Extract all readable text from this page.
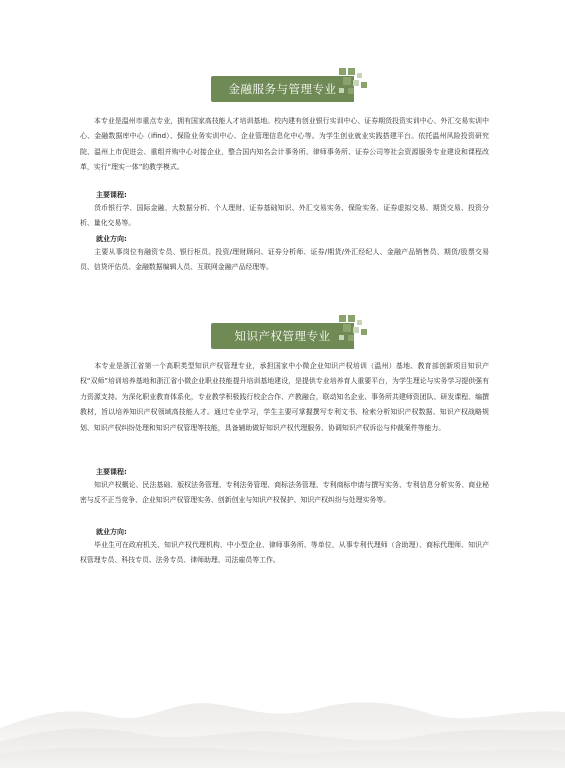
金融服务与管理专业
本专业是温州市重点专业，拥有国家高技能人才培训基地。校内建有创业银行实训中心、证券期货投资实训中心、外汇交易实训中心、金融数据库中心（ifind）、保险业务实训中心、企业管理信息化中心等。为学生创业就业实践搭建平台。依托温州风险投资研究院、温州上市促进会、重组并购中心对接企业，整合国内知名会计事务所、律师事务所、证券公司等社会资源服务专业建设和课程改革，实行“理实一体”的教学模式。
主要课程:
货币银行学、国际金融、大数据分析、个人理财、证券基础知识、外汇交易实务、保险实务、证券虚拟交易、期货交易、投资分析、量化交易等。
就业方向:
主要从事岗位有融资专员、银行柜员、投资/理财顾问、证券分析师、证券/期货/外汇经纪人、金融产品销售员、期货/股票交易员、信贷评估员、金融数据编辑人员、互联网金融产品经理等。
知识产权管理专业
本专业是浙江省第一个高职类型知识产权管理专业，承担国家中小微企业知识产权培训（温州）基地、教育部创新项目知识产权“双师”培训培养基地和浙江省小微企业职业技能提升培训基地建设，是提供专业培养育人重要平台，为学生理论与实务学习提供强有力资源支持。为深化职业教育体系化，专业教学积极践行校企合作、产教融合，联动知名企业、事务所共建师资团队、研发课程、编撰教材，旨以培养知识产权领域高技能人才。通过专业学习，学生主要可掌握撰写专利文书、检索分析知识产权数据、知识产权战略规划、知识产权纠纷处理和知识产权管理等技能，具备辅助做好知识产权代理服务、协调知识产权诉讼与仲裁案件等能力。
主要课程:
知识产权概论、民法基础、版权法务管理、专利法务管理、商标法务管理、专利商标申请与撰写实务、专利信息分析实务、商业秘密与反不正当竞争、企业知识产权管理实务、创新创业与知识产权保护、知识产权纠纷与处理实务等。
就业方向:
毕业生可在政府机关、知识产权代理机构、中小型企业、律师事务所、等单位，从事专利代理师（含助理）、商标代理师、知识产权管理专员、科技专员、法务专员、律师助理、司法雇员等工作。
